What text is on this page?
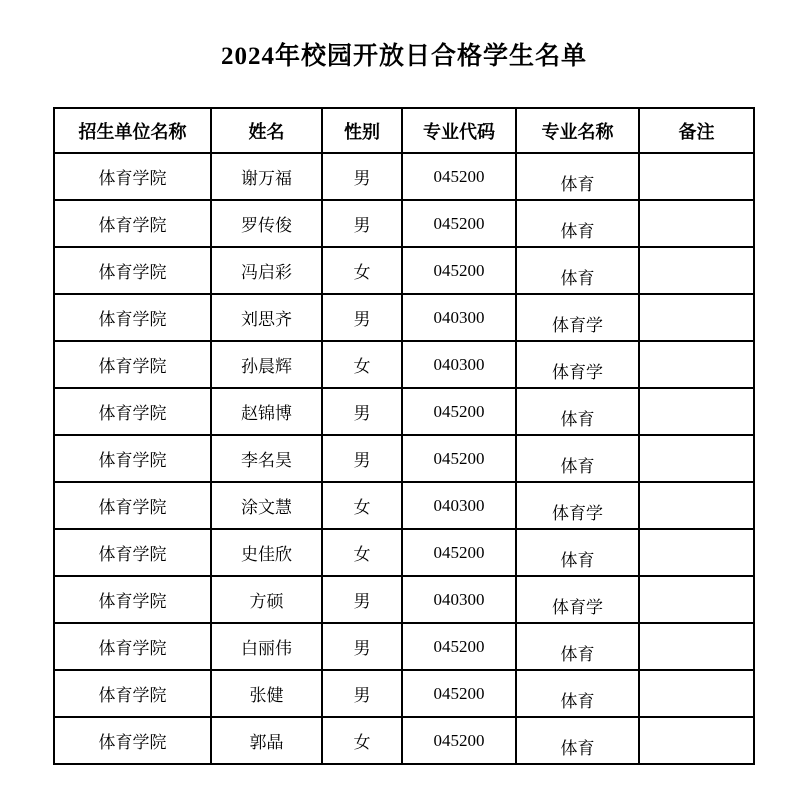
2024年校园开放日合格学生名单
招生单位名称	姓名	性别	专业代码	专业名称	备注
体育学院	谢万福	男	045200	体育	
体育学院	罗传俊	男	045200	体育	
体育学院	冯启彩	女	045200	体育	
体育学院	刘思齐	男	040300	体育学	
体育学院	孙晨辉	女	040300	体育学	
体育学院	赵锦博	男	045200	体育	
体育学院	李名昊	男	045200	体育	
体育学院	涂文慧	女	040300	体育学	
体育学院	史佳欣	女	045200	体育	
体育学院	方硕	男	040300	体育学	
体育学院	白丽伟	男	045200	体育	
体育学院	张健	男	045200	体育	
体育学院	郭晶	女	045200	体育	
